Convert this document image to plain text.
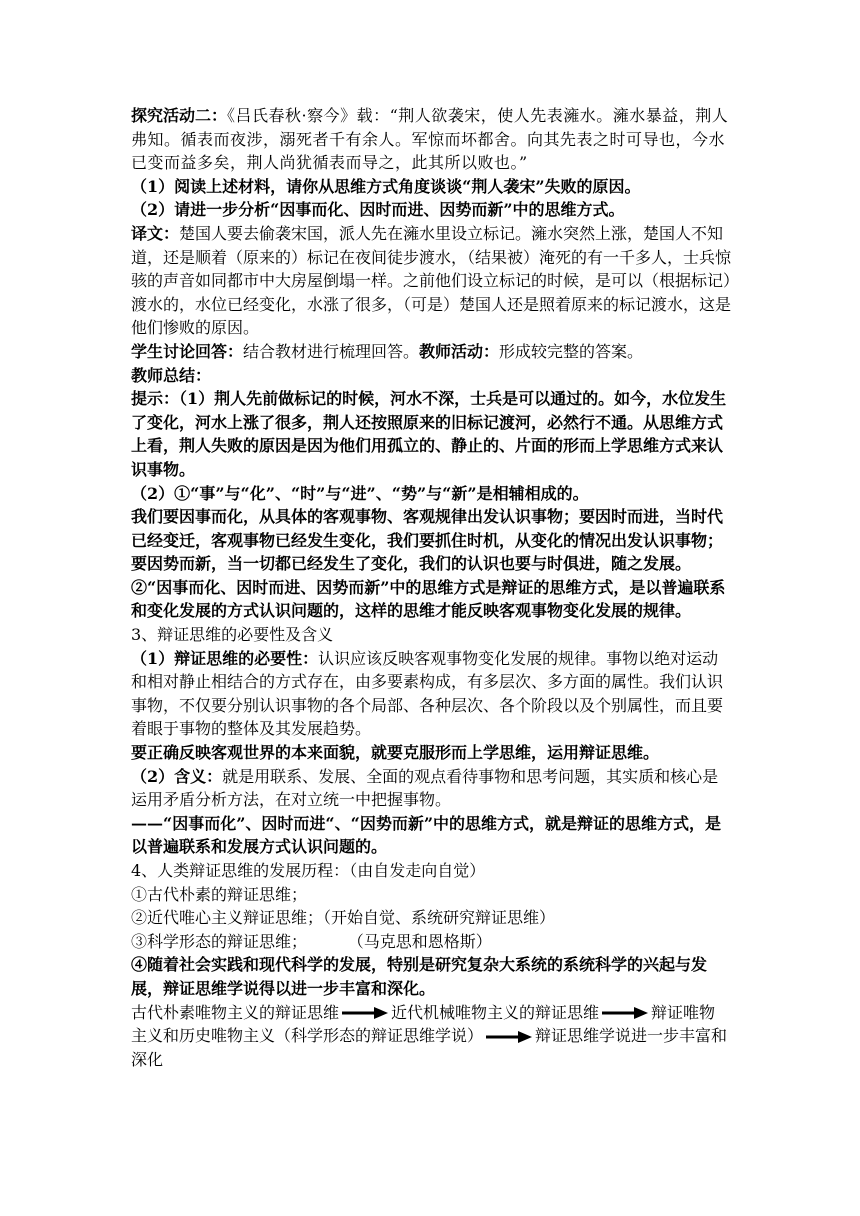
探究活动二：《吕氏春秋·察今》载：“荆人欲袭宋，使人先表澭水。澭水暴益，荆人弗知。循表而夜涉，溺死者千有余人。军惊而坏都舍。向其先表之时可导也，今水已变而益多矣，荆人尚犹循表而导之，此其所以败也。”

（1）阅读上述材料，请你从思维方式角度谈谈“荆人袭宋”失败的原因。

（2）请进一步分析“因事而化、因时而进、因势而新”中的思维方式。

译文：楚国人要去偷袭宋国，派人先在澭水里设立标记。澭水突然上涨，楚国人不知道，还是顺着（原来的）标记在夜间徒步渡水，（结果被）淹死的有一千多人，士兵惊骇的声音如同都市中大房屋倒塌一样。之前他们设立标记的时候，是可以（根据标记）渡水的，水位已经变化，水涨了很多，（可是）楚国人还是照着原来的标记渡水，这是他们惨败的原因。

学生讨论回答：结合教材进行梳理回答。教师活动：形成较完整的答案。

教师总结：

提示：（1）荆人先前做标记的时候，河水不深，士兵是可以通过的。如今，水位发生了变化，河水上涨了很多，荆人还按照原来的旧标记渡河，必然行不通。从思维方式上看，荆人失败的原因是因为他们用孤立的、静止的、片面的形而上学思维方式来认识事物。

（2）①“事”与“化”、“时”与“进”、“势”与“新”是相辅相成的。

我们要因事而化，从具体的客观事物、客观规律出发认识事物；要因时而进，当时代已经变迁，客观事物已经发生变化，我们要抓住时机，从变化的情况出发认识事物；要因势而新，当一切都已经发生了变化，我们的认识也要与时俱进，随之发展。

②“因事而化、因时而进、因势而新”中的思维方式是辩证的思维方式，是以普遍联系和变化发展的方式认识问题的，这样的思维才能反映客观事物变化发展的规律。

3、辩证思维的必要性及含义

（1）辩证思维的必要性：认识应该反映客观事物变化发展的规律。事物以绝对运动和相对静止相结合的方式存在，由多要素构成，有多层次、多方面的属性。我们认识事物，不仅要分别认识事物的各个局部、各种层次、各个阶段以及个别属性，而且要着眼于事物的整体及其发展趋势。

要正确反映客观世界的本来面貌，就要克服形而上学思维，运用辩证思维。

（2）含义：就是用联系、发展、全面的观点看待事物和思考问题，其实质和核心是运用矛盾分析方法，在对立统一中把握事物。

——“因事而化”、因时而进“、“因势而新”中的思维方式，就是辩证的思维方式，是以普遍联系和发展方式认识问题的。

4、人类辩证思维的发展历程：（由自发走向自觉）

①古代朴素的辩证思维；

②近代唯心主义辩证思维；（开始自觉、系统研究辩证思维）

③科学形态的辩证思维；	（马克思和恩格斯）

④随着社会实践和现代科学的发展，特别是研究复杂大系统的系统科学的兴起与发展，辩证思维学说得以进一步丰富和深化。

古代朴素唯物主义的辩证思维	近代机械唯物主义的辩证思维	辩证唯物主义和历史唯物主义（科学形态的辩证思维学说）	辩证思维学说进一步丰富和深化
